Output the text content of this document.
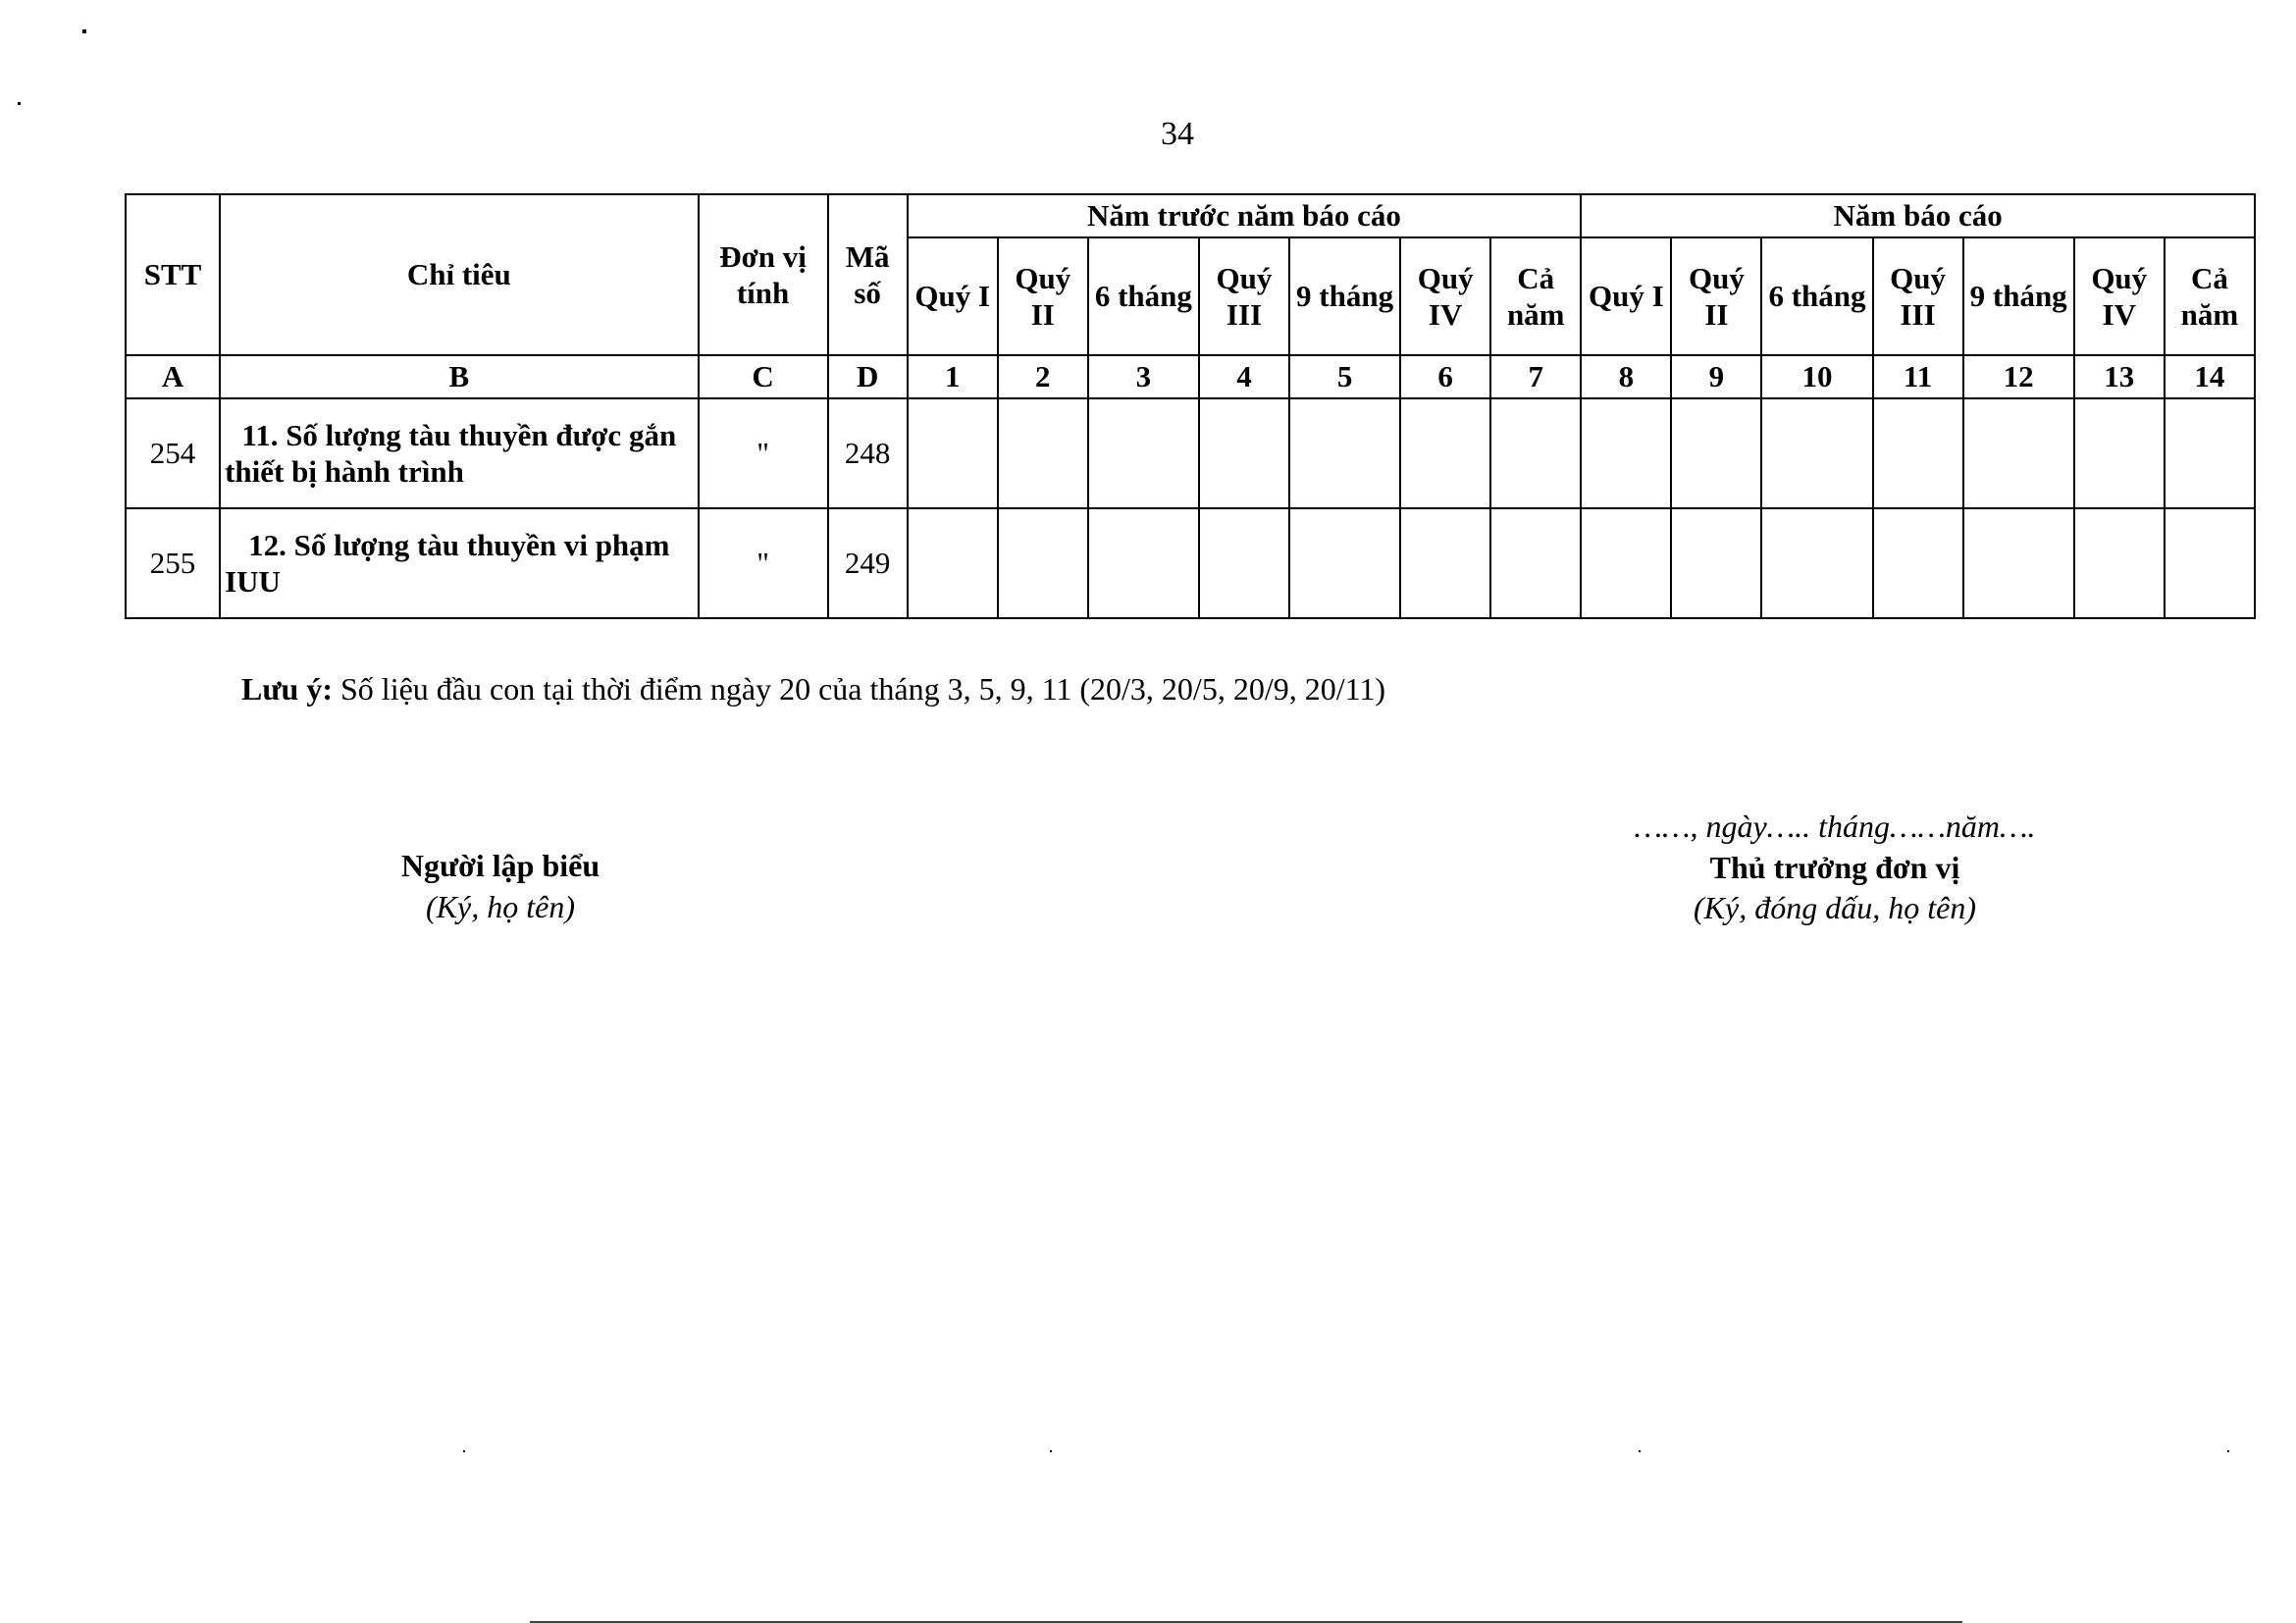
34
STT	Chỉ tiêu	Đơn vị tính	Mã số	Năm trước năm báo cáo							Năm báo cáo						
				Quý I	Quý II	6 tháng	Quý III	9 tháng	Quý IV	Cả năm	Quý I	Quý II	6 tháng	Quý III	9 tháng	Quý IV	Cả năm
A	B	C	D	1	2	3	4	5	6	7	8	9	10	11	12	13	14
254	11. Số lượng tàu thuyền được gắn thiết bị hành trình	"	248														
255	12. Số lượng tàu thuyền vi phạm IUU	"	249														
Lưu ý: Số liệu đầu con tại thời điểm ngày 20 của tháng 3, 5, 9, 11 (20/3, 20/5, 20/9, 20/11)
Người lập biểu
(Ký, họ tên)
……, ngày….. tháng……năm….
Thủ trưởng đơn vị
(Ký, đóng dấu, họ tên)
